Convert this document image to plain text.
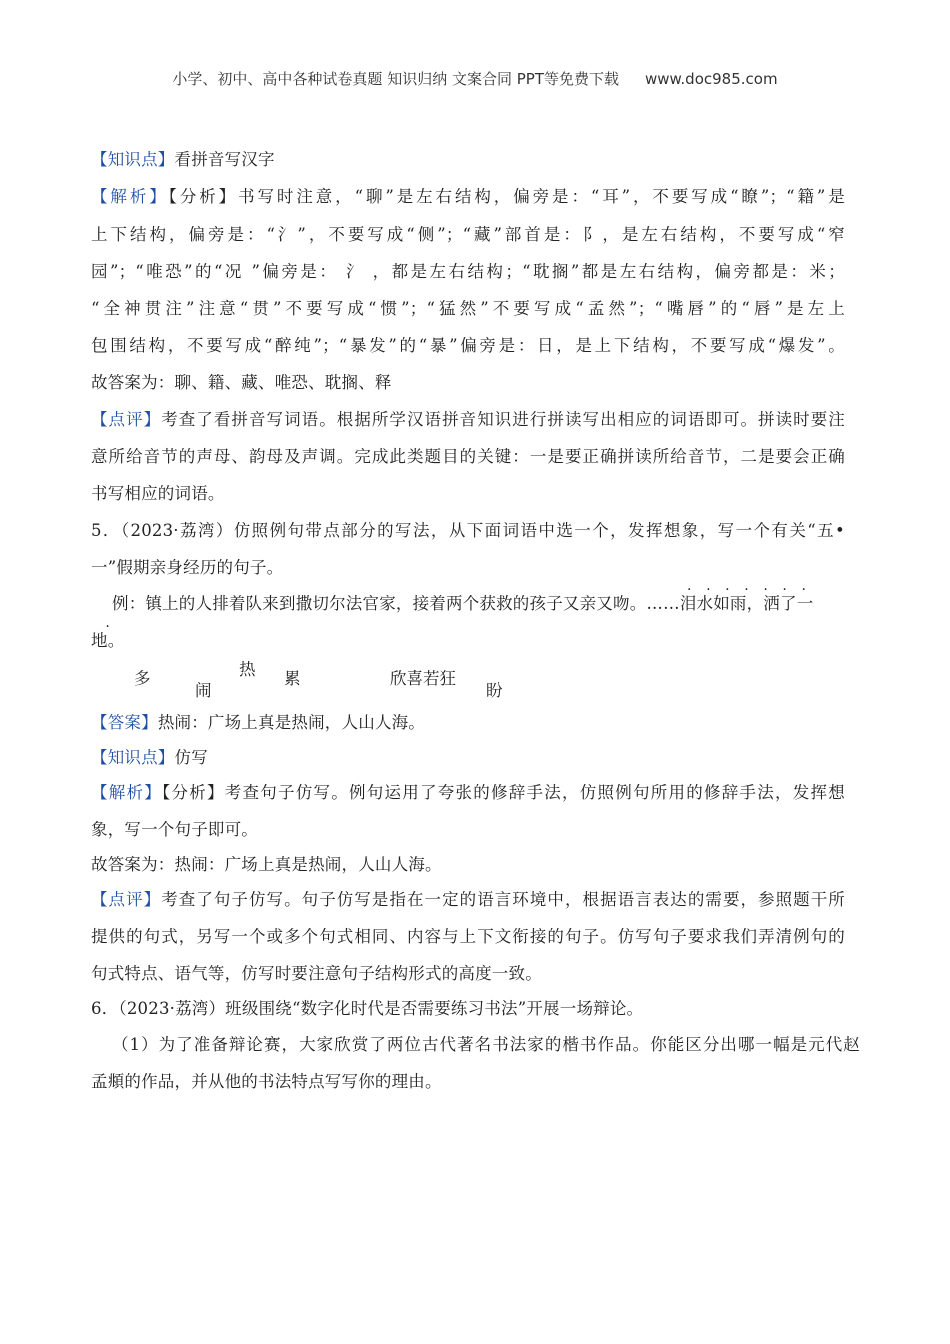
小学、初中、高中各种试卷真题 知识归纳 文案合同 PPT等免费下载 www.doc985.com
【知识点】看拼音写汉字
【解析】【分析】书写时注意，“聊”是左右结构，偏旁是：“耳”，不要写成“瞭”；“籍”是
上下结构，偏旁是：“氵”，不要写成“侧”；“藏”部首是：阝，是左右结构，不要写成“窄
园”；“唯恐”的“况 ”偏旁是： 氵 ，都是左右结构；“耽搁”都是左右结构，偏旁都是：米；
“全神贯注”注意“贯”不要写成“惯”；“猛然”不要写成“孟然”；“嘴唇”的“唇”是左上
包围结构，不要写成“醉纯”；“暴发”的“暴”偏旁是：日，是上下结构，不要写成“爆发”。
故答案为：聊、籍、藏、唯恐、耽搁、释
【点评】考查了看拼音写词语。根据所学汉语拼音知识进行拼读写出相应的词语即可。拼读时要注
意所给音节的声母、韵母及声调。完成此类题目的关键：一是要正确拼读所给音节，二是要会正确
书写相应的词语。
5．（2023·荔湾）仿照例句带点部分的写法，从下面词语中选一个，发挥想象，写一个有关“五•
一”假期亲身经历的句子。
例：镇上的人排着队来到撒切尔法官家，接着两个获救的孩子又亲又吻。……
. . . . . . .
泪水如雨，洒了一
.
地。
多
闹
热 累	欣喜若狂
盼
【答案】热闹：广场上真是热闹，人山人海。
【知识点】仿写
【解析】【分析】考查句子仿写。例句运用了夸张的修辞手法，仿照例句所用的修辞手法，发挥想
象，写一个句子即可。
故答案为：热闹：广场上真是热闹，人山人海。
【点评】考查了句子仿写。句子仿写是指在一定的语言环境中，根据语言表达的需要，参照题干所
提供的句式，另写一个或多个句式相同、内容与上下文衔接的句子。仿写句子要求我们弄清例句的
句式特点、语气等，仿写时要注意句子结构形式的高度一致。
6．（2023·荔湾）班级围绕“数字化时代是否需要练习书法”开展一场辩论。
（1）为了准备辩论赛，大家欣赏了两位古代著名书法家的楷书作品。你能区分出哪一幅是元代赵
孟頫的作品，并从他的书法特点写写你的理由。
